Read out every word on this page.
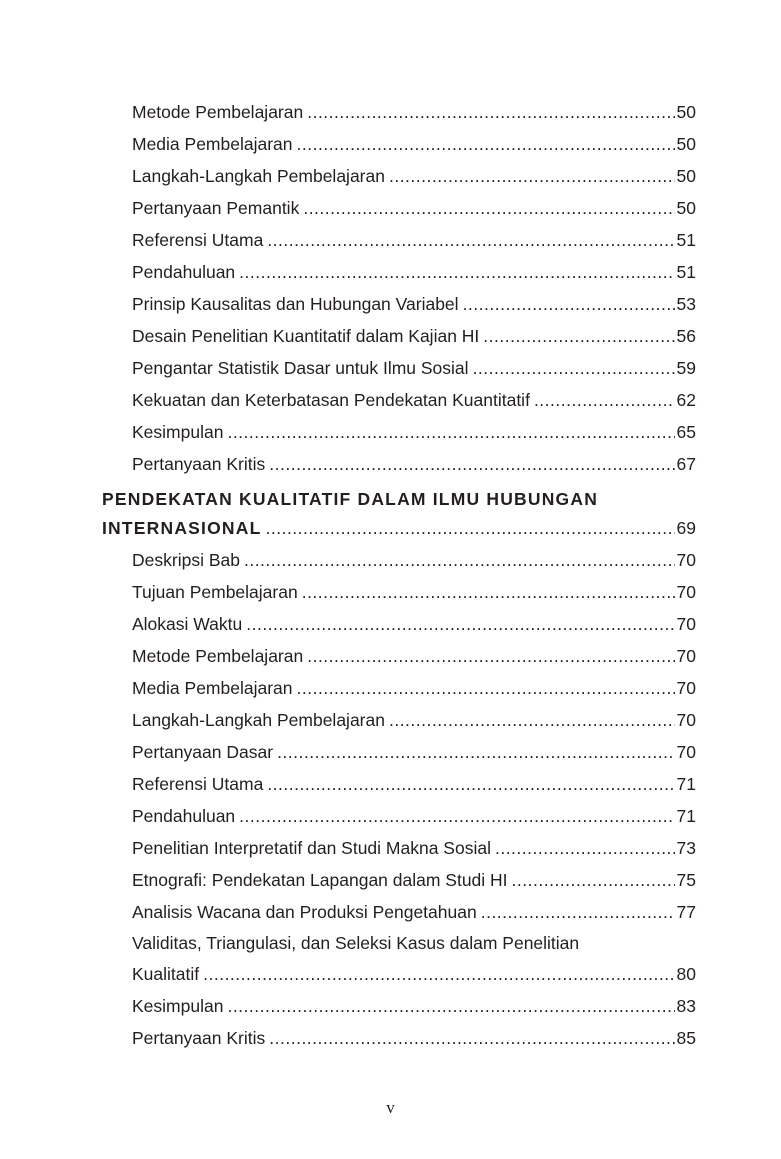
Metode Pembelajaran .....	50
Media Pembelajaran .....	50
Langkah-Langkah Pembelajaran .....	50
Pertanyaan Pemantik .....	50
Referensi Utama .....	51
Pendahuluan .....	51
Prinsip Kausalitas dan Hubungan Variabel .....	53
Desain Penelitian Kuantitatif dalam Kajian HI .....	56
Pengantar Statistik Dasar untuk Ilmu Sosial .....	59
Kekuatan dan Keterbatasan Pendekatan Kuantitatif .....	62
Kesimpulan .....	65
Pertanyaan Kritis .....	67
PENDEKATAN KUALITATIF DALAM ILMU HUBUNGAN
INTERNASIONAL .....	69
Deskripsi Bab .....	70
Tujuan Pembelajaran .....	70
Alokasi Waktu .....	70
Metode Pembelajaran .....	70
Media Pembelajaran .....	70
Langkah-Langkah Pembelajaran .....	70
Pertanyaan Dasar .....	70
Referensi Utama .....	71
Pendahuluan .....	71
Penelitian Interpretatif dan Studi Makna Sosial .....	73
Etnografi: Pendekatan Lapangan dalam Studi HI .....	75
Analisis Wacana dan Produksi Pengetahuan .....	77
Validitas, Triangulasi, dan Seleksi Kasus dalam Penelitian
Kualitatif .....	80
Kesimpulan .....	83
Pertanyaan Kritis .....	85
v
